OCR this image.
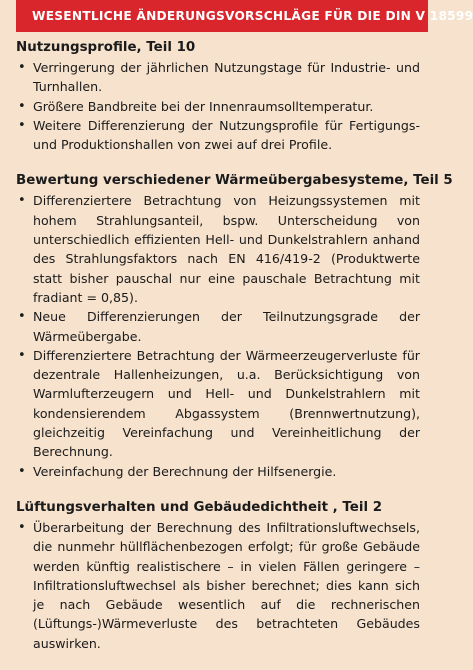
WESENTLICHE ÄNDERUNGSVORSCHLÄGE FÜR DIE DIN V 18599
Nutzungsprofile, Teil 10
• Verringerung der jährlichen Nutzungstage für Industrie- und Turnhallen.
• Größere Bandbreite bei der Innenraumsolltemperatur.
• Weitere Differenzierung der Nutzungsprofile für Fertigungs- und Produktionshallen von zwei auf drei Profile.
Bewertung verschiedener Wärmeübergabesysteme, Teil 5
• Differenziertere Betrachtung von Heizungssystemen mit hohem Strahlungsanteil, bspw. Unterscheidung von unterschiedlich effizienten Hell- und Dunkelstrahlern anhand des Strahlungsfaktors nach EN 416/419-2 (Produktwerte statt bisher pauschal nur eine pauschale Betrachtung mit fradiant = 0,85).
• Neue Differenzierungen der Teilnutzungsgrade der Wärmeübergabe.
• Differenziertere Betrachtung der Wärmeerzeugerverluste für dezentrale Hallenheizungen, u.a. Berücksichtigung von Warmlufterzeugern und Hell- und Dunkelstrahlern mit kondensierendem Abgassystem (Brennwertnutzung), gleichzeitig Vereinfachung und Vereinheitlichung der Berechnung.
• Vereinfachung der Berechnung der Hilfsenergie.
Lüftungsverhalten und Gebäudedichtheit , Teil 2
• Überarbeitung der Berechnung des Infiltrationsluftwechsels, die nunmehr hüllflächenbezogen erfolgt; für große Gebäude werden künftig realistischere – in vielen Fällen geringere – Infiltrationsluftwechsel als bisher berechnet; dies kann sich je nach Gebäude wesentlich auf die rechnerischen (Lüftungs-)Wärmeverluste des betrachteten Gebäudes auswirken.
